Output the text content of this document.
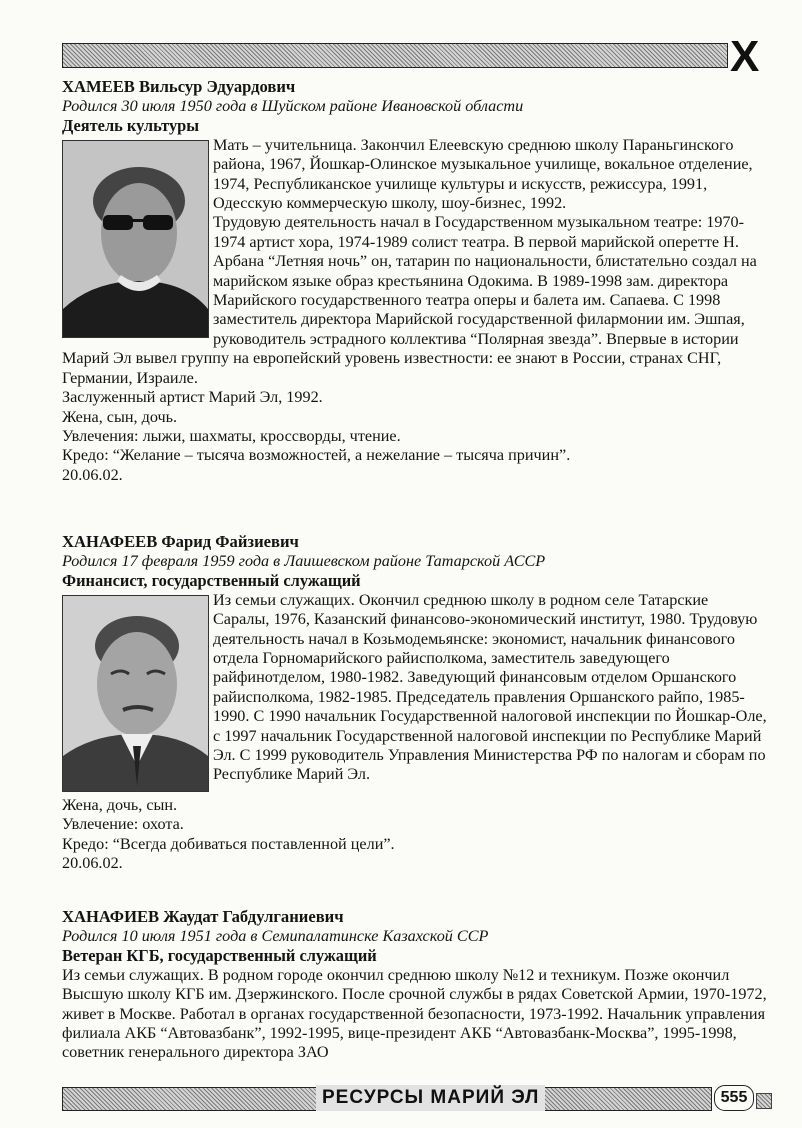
Х
ХАМЕЕВ Вильсур Эдуардович
Родился 30 июля 1950 года в Шуйском районе Ивановской области
Деятель культуры
Мать – учительница. Закончил Елеевскую среднюю школу Параньгинского района, 1967, Йошкар-Олинское музыкальное училище, вокальное отделение, 1974, Республиканское училище культуры и искусств, режиссура, 1991, Одесскую коммерческую школу, шоу-бизнес, 1992.
Трудовую деятельность начал в Государственном музыкальном театре: 1970-1974 артист хора, 1974-1989 солист театра. В первой марийской оперетте Н. Арбана “Летняя ночь” он, татарин по национальности, блистательно создал на марийском языке образ крестьянина Одокима. В 1989-1998 зам. директора Марийского государственного театра оперы и балета им. Сапаева. С 1998 заместитель директора Марийской государственной филармонии им. Эшпая, руководитель эстрадного коллектива “Полярная звезда”. Впервые в истории Марий Эл вывел группу на европейский уровень известности: ее знают в России, странах СНГ, Германии, Израиле.
Заслуженный артист Марий Эл, 1992.
Жена, сын, дочь.
Увлечения: лыжи, шахматы, кроссворды, чтение.
Кредо: “Желание – тысяча возможностей, а нежелание – тысяча причин”.
20.06.02.
ХАНАФЕЕВ Фарид Файзиевич
Родился 17 февраля 1959 года в Лаишевском районе Татарской АССР
Финансист, государственный служащий
Из семьи служащих. Окончил среднюю школу в родном селе Татарские Саралы, 1976, Казанский финансово-экономический институт, 1980. Трудовую деятельность начал в Козьмодемьянске: экономист, начальник финансового отдела Горномарийского райисполкома, заместитель заведующего райфинотделом, 1980-1982. Заведующий финансовым отделом Оршанского райисполкома, 1982-1985. Председатель правления Оршанского райпо, 1985-1990. С 1990 начальник Государственной налоговой инспекции по Йошкар-Оле, с 1997 начальник Государственной налоговой инспекции по Республике Марий Эл. С 1999 руководитель Управления Министерства РФ по налогам и сборам по Республике Марий Эл.
Жена, дочь, сын.
Увлечение: охота.
Кредо: “Всегда добиваться поставленной цели”.
20.06.02.
ХАНАФИЕВ Жаудат Габдулганиевич
Родился 10 июля 1951 года в Семипалатинске Казахской ССР
Ветеран КГБ, государственный служащий
Из семьи служащих. В родном городе окончил среднюю школу №12 и техникум. Позже окончил Высшую школу КГБ им. Дзержинского. После срочной службы в рядах Советской Армии, 1970-1972, живет в Москве. Работал в органах государственной безопасности, 1973-1992. Начальник управления филиала АКБ “Автовазбанк”, 1992-1995, вице-президент АКБ “Автовазбанк-Москва”, 1995-1998, советник генерального директора ЗАО
РЕСУРСЫ МАРИЙ ЭЛ	555
